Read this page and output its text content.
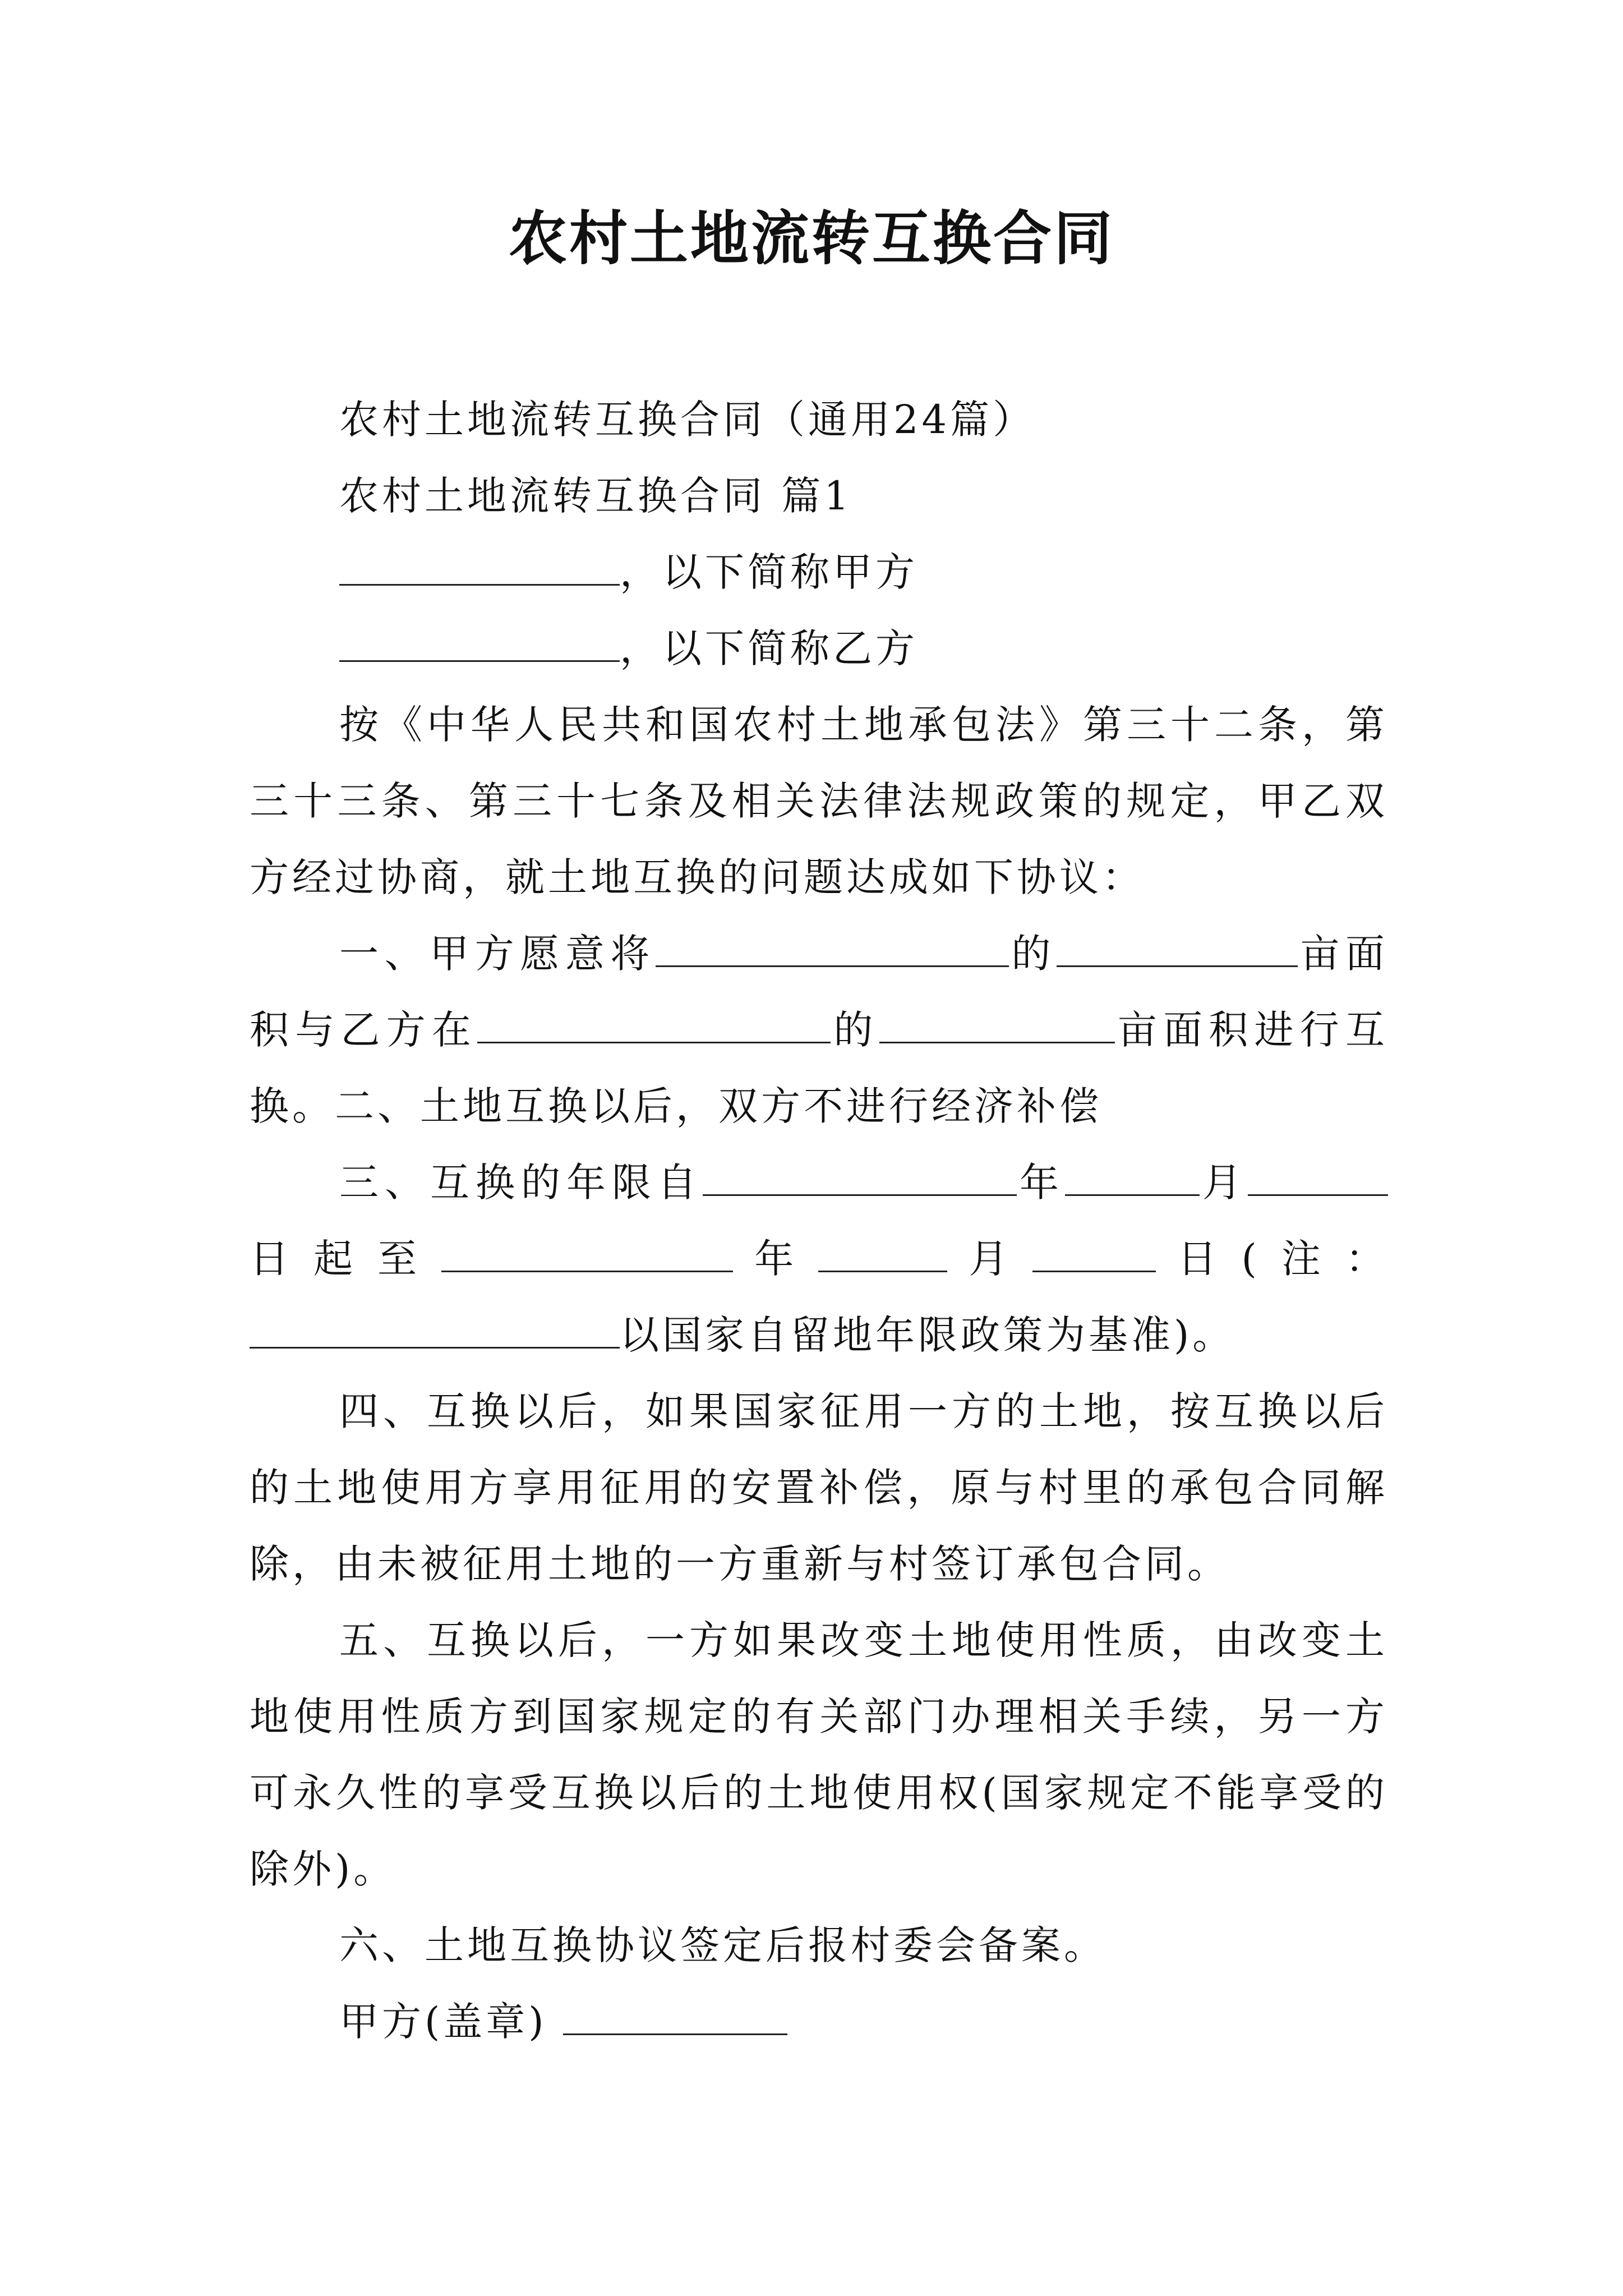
农村土地流转互换合同

农村土地流转互换合同（通用24篇）

农村土地流转互换合同 篇1

，以下简称甲方

，以下简称乙方

按《中华人民共和国农村土地承包法》第三十二条，第三十三条、第三十七条及相关法律法规政策的规定，甲乙双方经过协商，就土地互换的问题达成如下协议：

一、甲方愿意将	的	亩面积与乙方在	的	亩面积进行互换。二、土地互换以后，双方不进行经济补偿

三、互换的年限自	年	月日起至	年	月	日(注：以国家自留地年限政策为基准)。

四、互换以后，如果国家征用一方的土地，按互换以后的土地使用方享用征用的安置补偿，原与村里的承包合同解除，由未被征用土地的一方重新与村签订承包合同。

五、互换以后，一方如果改变土地使用性质，由改变土地使用性质方到国家规定的有关部门办理相关手续，另一方可永久性的享受互换以后的土地使用权(国家规定不能享受的除外)。

六、土地互换协议签定后报村委会备案。

甲方(盖章)
